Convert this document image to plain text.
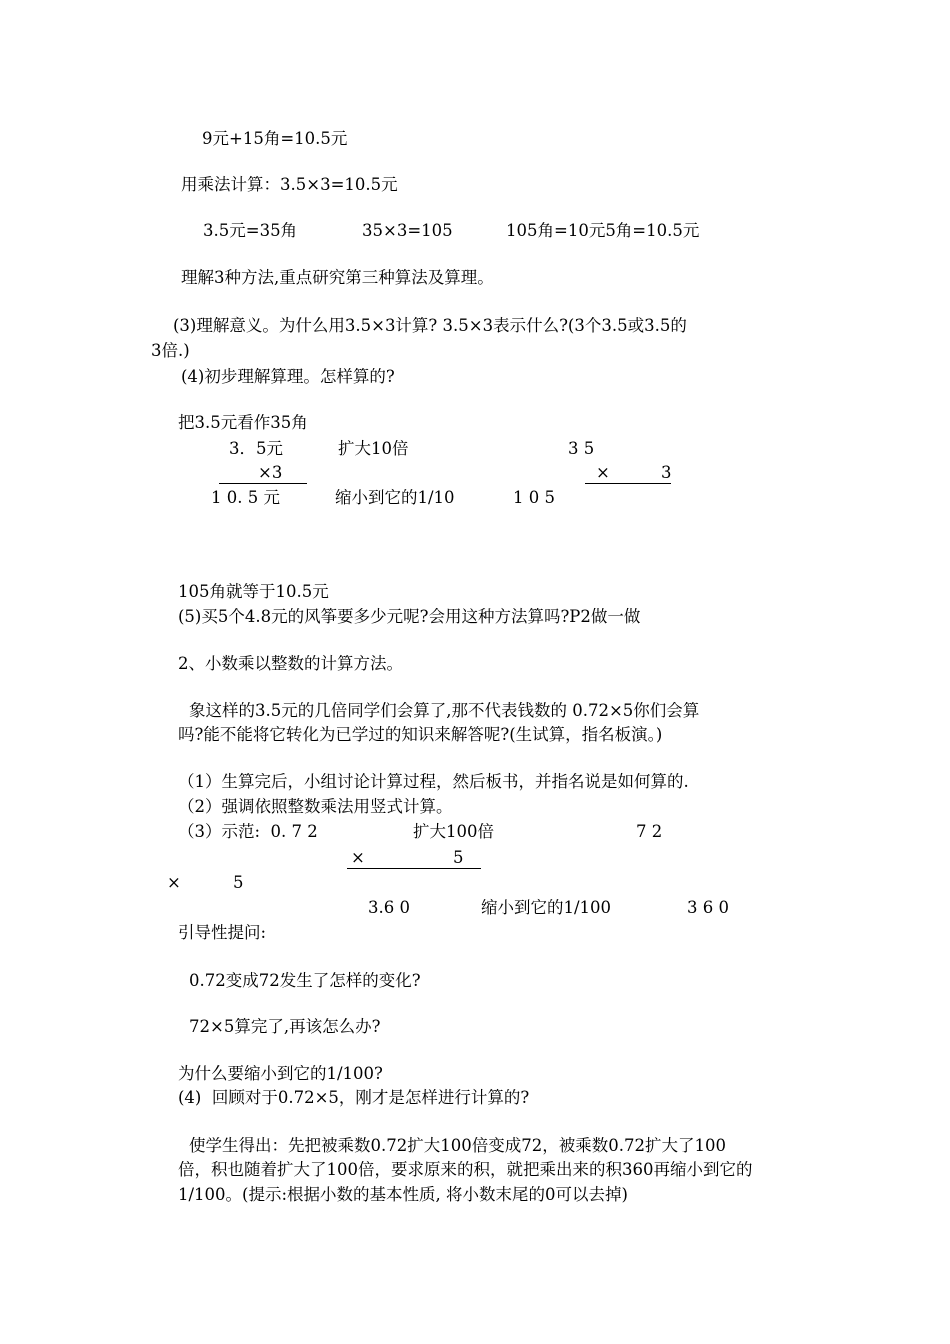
9元+15角=10.5元
用乘法计算：3.5×3=10.5元
3.5元=35角	35×3=105	105角=10元5角=10.5元
理解3种方法,重点研究第三种算法及算理。
(3)理解意义。为什么用3.5×3计算? 3.5×3表示什么?(3个3.5或3.5的
3倍.)
(4)初步理解算理。怎样算的?
把3.5元看作35角
3．5元	扩大10倍	3 5
×3	×	3
1 0. 5 元	缩小到它的1/10	1 0 5
105角就等于10.5元
(5)买5个4.8元的风筝要多少元呢?会用这种方法算吗?P2做一做
2、小数乘以整数的计算方法。
象这样的3.5元的几倍同学们会算了,那不代表钱数的 0.72×5你们会算
吗?能不能将它转化为已学过的知识来解答呢?(生试算，指名板演。)
（1）生算完后，小组讨论计算过程，然后板书，并指名说是如何算的.
（2）强调依照整数乘法用竖式计算。
（3）示范:  0. 7 2	扩大100倍	7 2
×	5
×	5
3.6 0	缩小到它的1/100	3 6 0
引导性提问:
0.72变成72发生了怎样的变化?
72×5算完了,再该怎么办?
为什么要缩小到它的1/100?
(4)  回顾对于0.72×5，刚才是怎样进行计算的?
使学生得出：先把被乘数0.72扩大100倍变成72，被乘数0.72扩大了100
倍，积也随着扩大了100倍，要求原来的积，就把乘出来的积360再缩小到它的
1/100。(提示:根据小数的基本性质, 将小数末尾的0可以去掉)
